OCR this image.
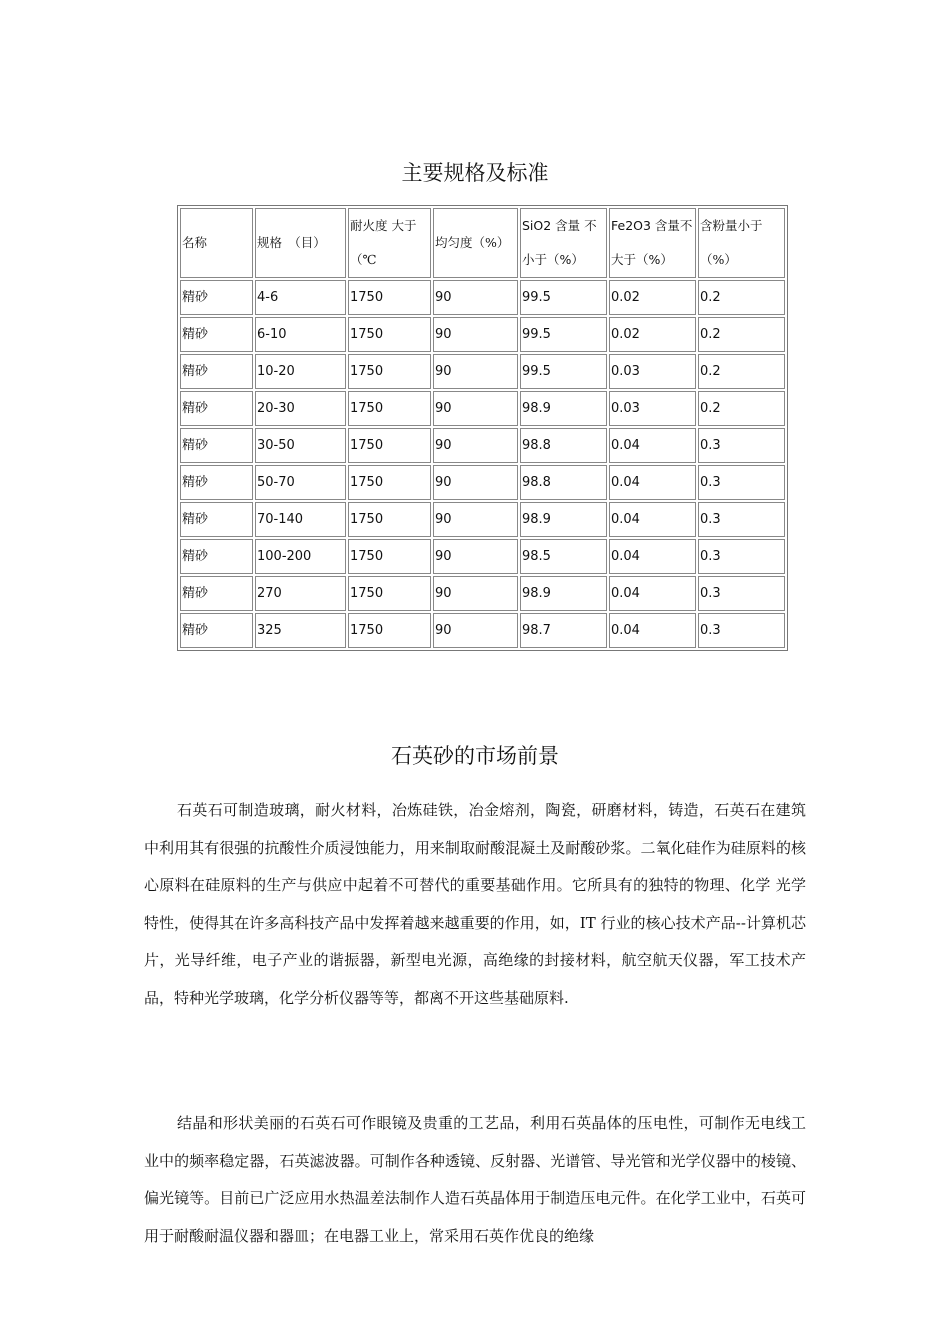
主要规格及标准
名称	规格　（目）	耐火度 大于（℃	均匀度（%）	SiO2 含量 不小于（%）	Fe2O3 含量不大于（%）	含粉量小于（%）
精砂	4-6	1750	90	99.5	0.02	0.2
精砂	6-10	1750	90	99.5	0.02	0.2
精砂	10-20	1750	90	99.5	0.03	0.2
精砂	20-30	1750	90	98.9	0.03	0.2
精砂	30-50	1750	90	98.8	0.04	0.3
精砂	50-70	1750	90	98.8	0.04	0.3
精砂	70-140	1750	90	98.9	0.04	0.3
精砂	100-200	1750	90	98.5	0.04	0.3
精砂	270	1750	90	98.9	0.04	0.3
精砂	325	1750	90	98.7	0.04	0.3
石英砂的市场前景

石英石可制造玻璃，耐火材料，冶炼硅铁，冶金熔剂，陶瓷，研磨材料，铸造，石英石在建筑中利用其有很强的抗酸性介质浸蚀能力，用来制取耐酸混凝土及耐酸砂浆。二氧化硅作为硅原料的核心原料在硅原料的生产与供应中起着不可替代的重要基础作用。它所具有的独特的物理、化学 光学特性，使得其在许多高科技产品中发挥着越来越重要的作用，如，IT 行业的核心技术产品--计算机芯片，光导纤维，电子产业的谐振器，新型电光源，高绝缘的封接材料，航空航天仪器，军工技术产品，特种光学玻璃，化学分析仪器等等，都离不开这些基础原料.

结晶和形状美丽的石英石可作眼镜及贵重的工艺品，利用石英晶体的压电性，可制作无电线工业中的频率稳定器，石英滤波器。可制作各种透镜、反射器、光谱管、导光管和光学仪器中的棱镜、偏光镜等。目前已广泛应用水热温差法制作人造石英晶体用于制造压电元件。在化学工业中，石英可用于耐酸耐温仪器和器皿；在电器工业上，常采用石英作优良的绝缘
